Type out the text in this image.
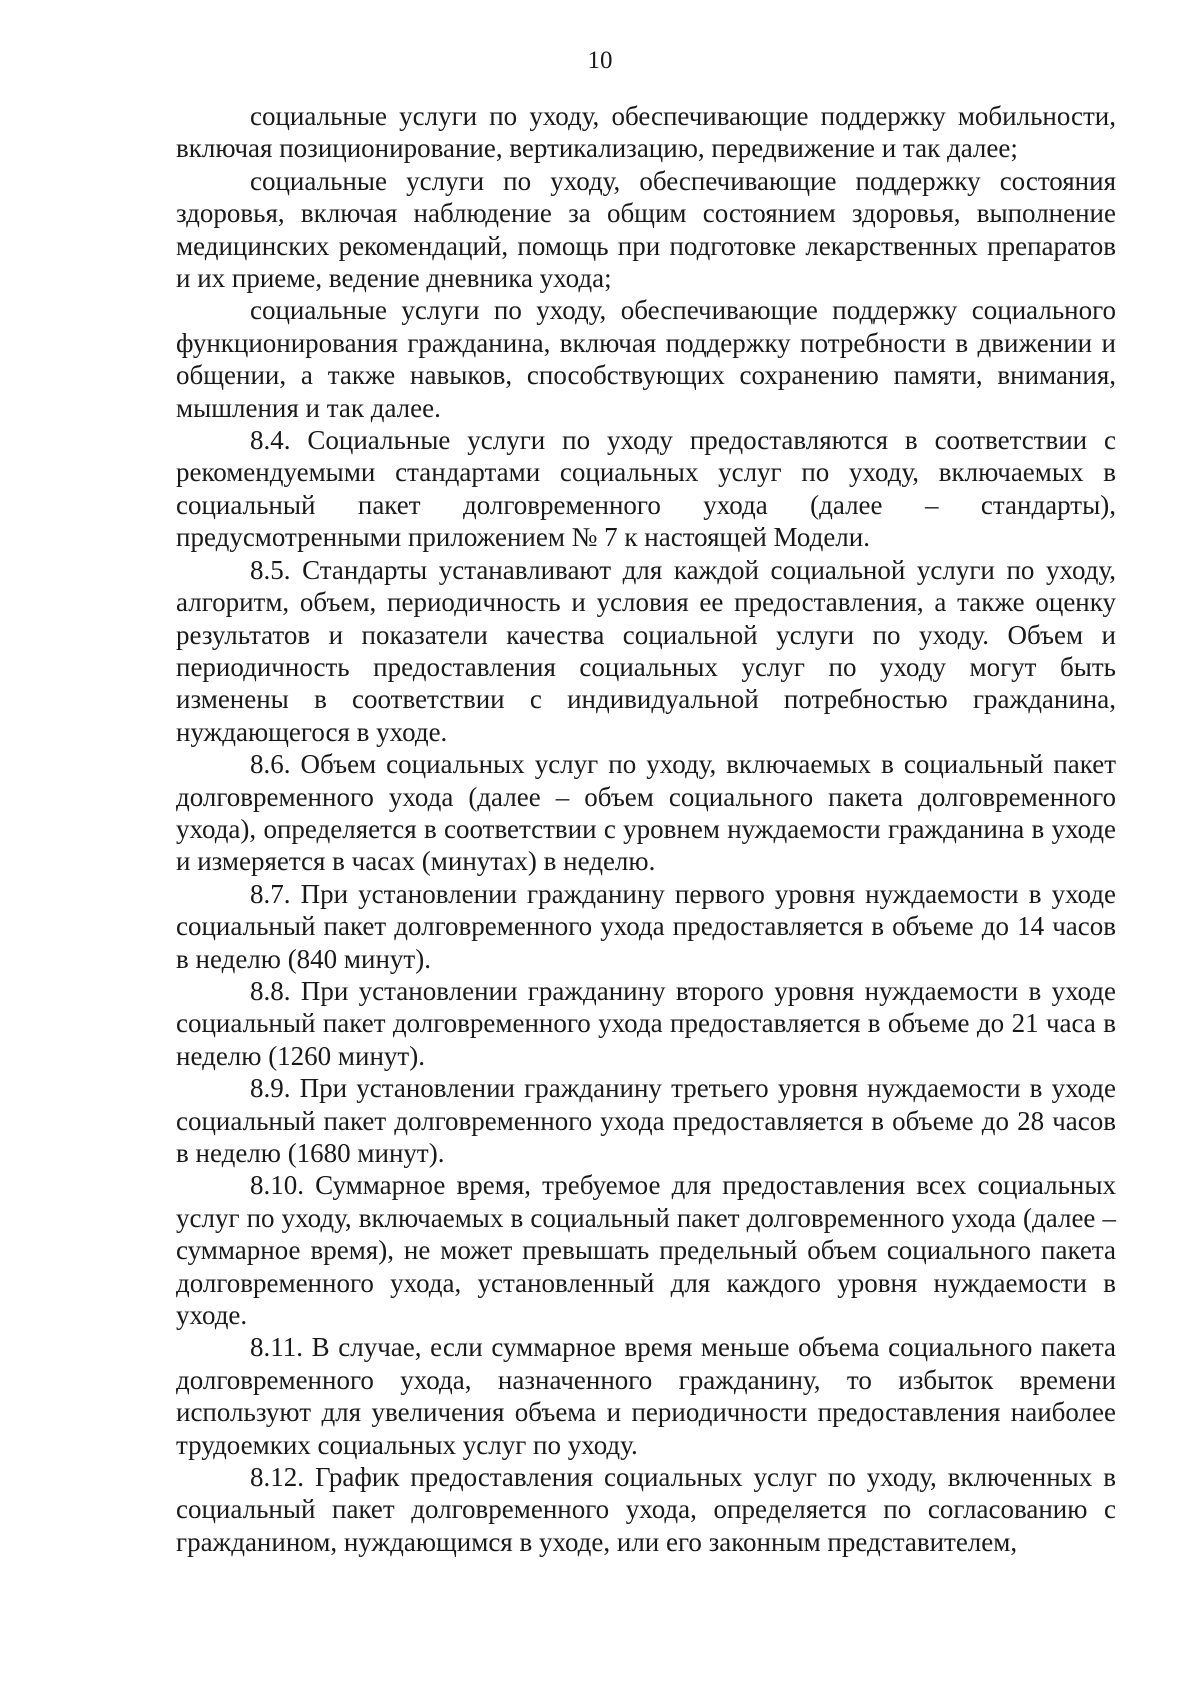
10

социальные услуги по уходу, обеспечивающие поддержку мобильности, включая позиционирование, вертикализацию, передвижение и так далее;

социальные услуги по уходу, обеспечивающие поддержку состояния здоровья, включая наблюдение за общим состоянием здоровья, выполнение медицинских рекомендаций, помощь при подготовке лекарственных препаратов и их приеме, ведение дневника ухода;

социальные услуги по уходу, обеспечивающие поддержку социального функционирования гражданина, включая поддержку потребности в движении и общении, а также навыков, способствующих сохранению памяти, внимания, мышления и так далее.

8.4. Социальные услуги по уходу предоставляются в соответствии с рекомендуемыми стандартами социальных услуг по уходу, включаемых в социальный пакет долговременного ухода (далее – стандарты), предусмотренными приложением № 7 к настоящей Модели.

8.5. Стандарты устанавливают для каждой социальной услуги по уходу, алгоритм, объем, периодичность и условия ее предоставления, а также оценку результатов и показатели качества социальной услуги по уходу. Объем и периодичность предоставления социальных услуг по уходу могут быть изменены в соответствии с индивидуальной потребностью гражданина, нуждающегося в уходе.

8.6. Объем социальных услуг по уходу, включаемых в социальный пакет долговременного ухода (далее – объем социального пакета долговременного ухода), определяется в соответствии с уровнем нуждаемости гражданина в уходе и измеряется в часах (минутах) в неделю.

8.7. При установлении гражданину первого уровня нуждаемости в уходе социальный пакет долговременного ухода предоставляется в объеме до 14 часов в неделю (840 минут).

8.8. При установлении гражданину второго уровня нуждаемости в уходе социальный пакет долговременного ухода предоставляется в объеме до 21 часа в неделю (1260 минут).

8.9. При установлении гражданину третьего уровня нуждаемости в уходе социальный пакет долговременного ухода предоставляется в объеме до 28 часов в неделю (1680 минут).

8.10. Суммарное время, требуемое для предоставления всех социальных услуг по уходу, включаемых в социальный пакет долговременного ухода (далее – суммарное время), не может превышать предельный объем социального пакета долговременного ухода, установленный для каждого уровня нуждаемости в уходе.

8.11. В случае, если суммарное время меньше объема социального пакета долговременного ухода, назначенного гражданину, то избыток времени используют для увеличения объема и периодичности предоставления наиболее трудоемких социальных услуг по уходу.

8.12. График предоставления социальных услуг по уходу, включенных в социальный пакет долговременного ухода, определяется по согласованию с гражданином, нуждающимся в уходе, или его законным представителем,
